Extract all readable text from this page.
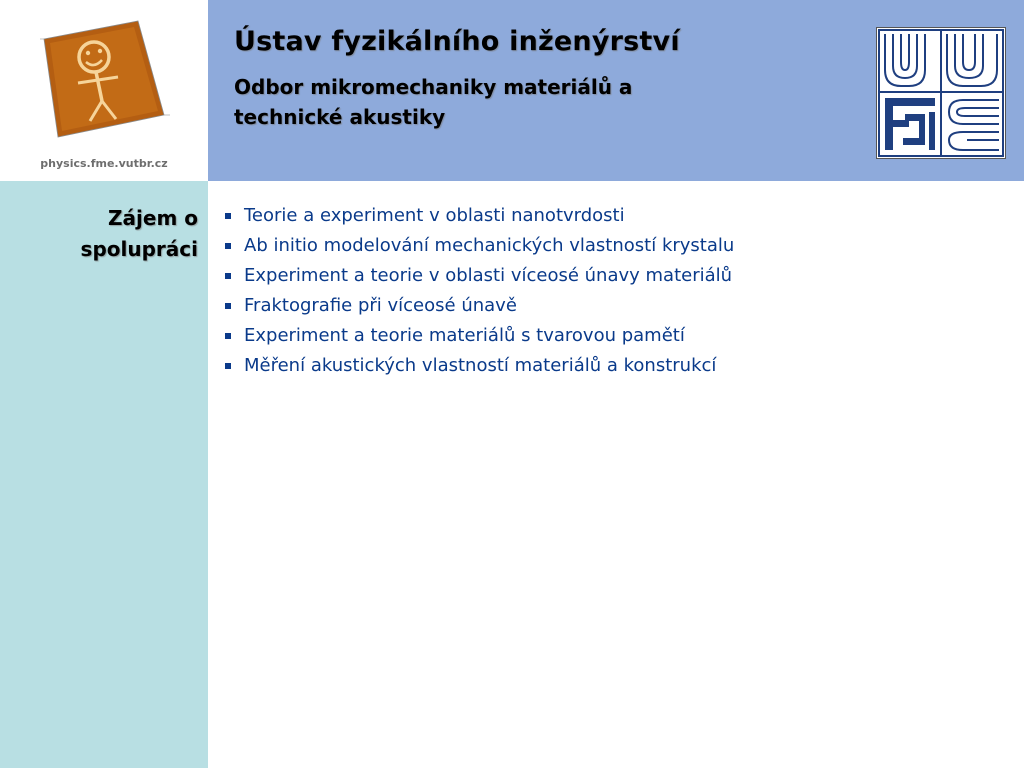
physics.fme.vutbr.cz
Ústav fyzikálního inženýrství
Odbor mikromechaniky materiálů a
technické akustiky
Zájem o
spolupráci
Teorie a experiment v oblasti nanotvrdosti
Ab initio modelování mechanických vlastností krystalu
Experiment a teorie v oblasti víceosé únavy materiálů
Fraktografie při víceosé únavě
Experiment a teorie materiálů s tvarovou pamětí
Měření akustických vlastností materiálů a konstrukcí
